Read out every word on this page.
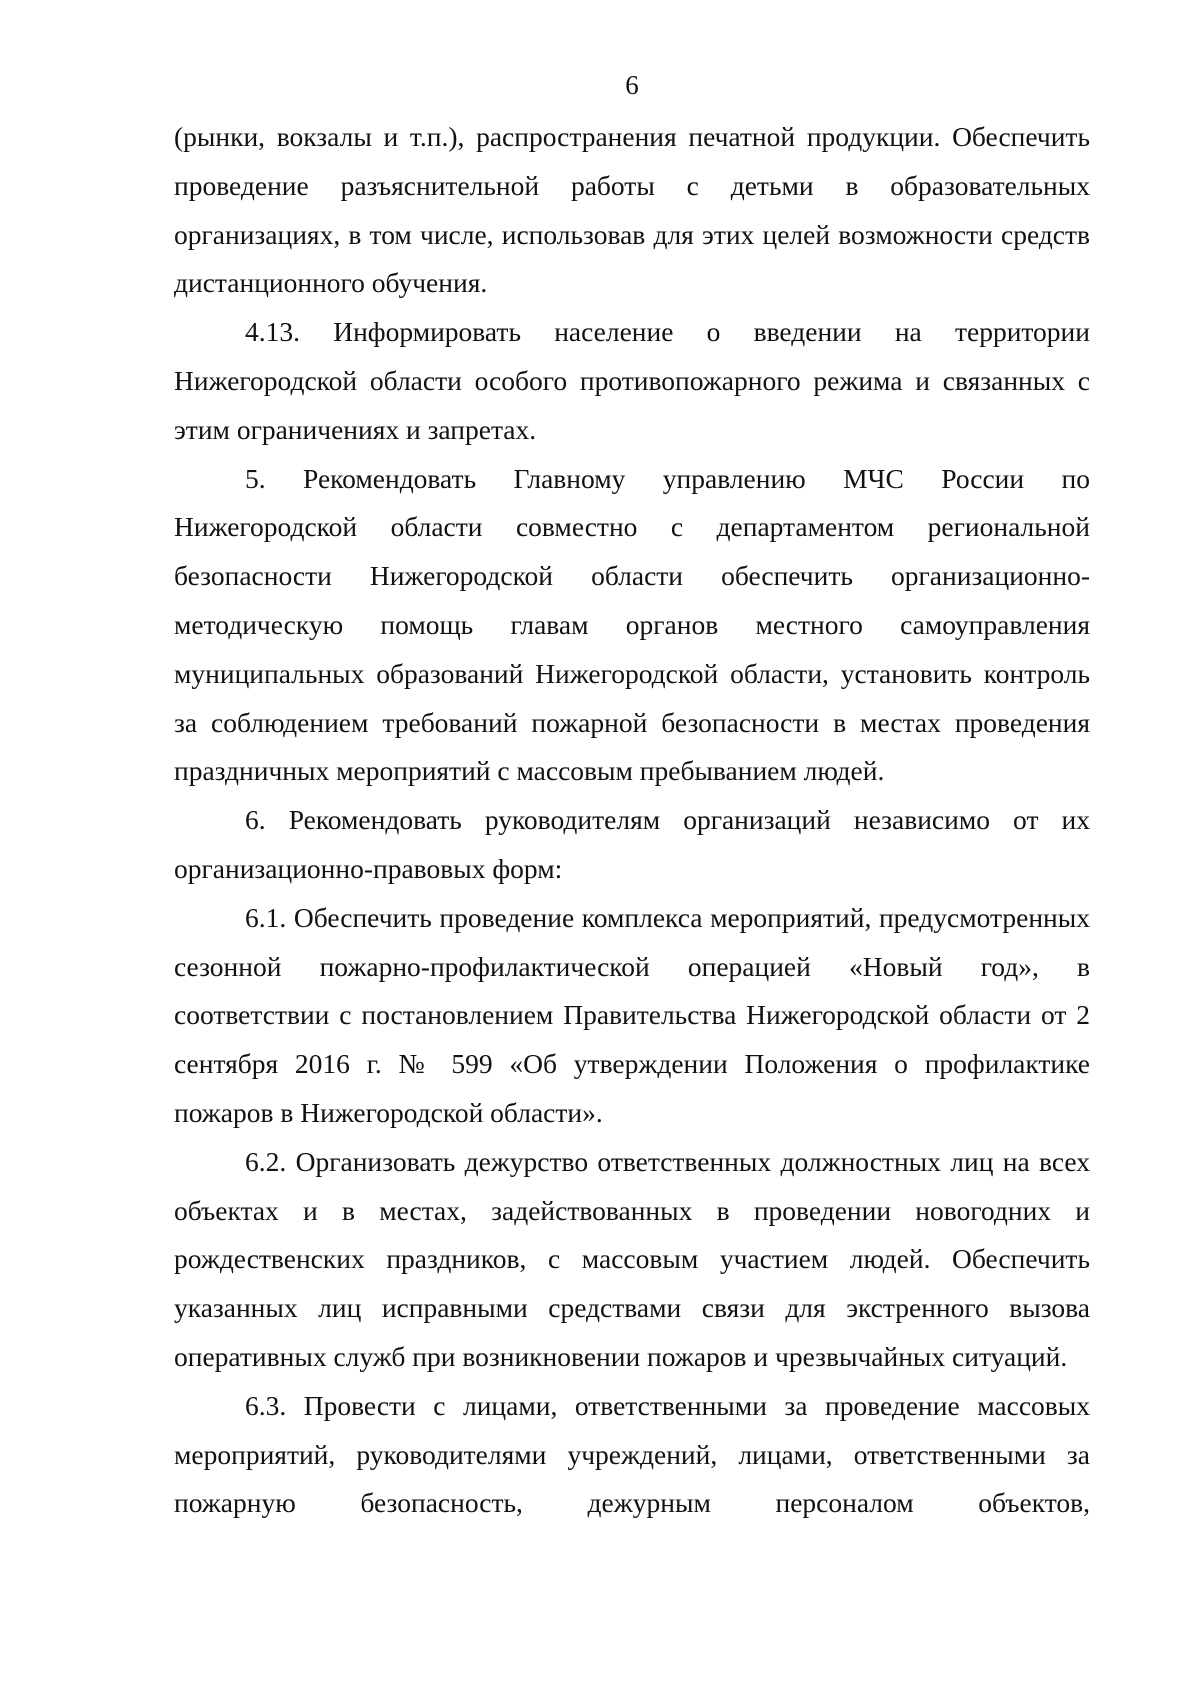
6

(рынки, вокзалы и т.п.), распространения печатной продукции. Обеспечить проведение разъяснительной работы с детьми в образовательных организациях, в том числе, использовав для этих целей возможности средств дистанционного обучения.

4.13. Информировать население о введении на территории Нижегородской области особого противопожарного режима и связанных с этим ограничениях и запретах.

5. Рекомендовать Главному управлению МЧС России по Нижегородской области совместно с департаментом региональной безопасности Нижегородской области обеспечить организационно-методическую помощь главам органов местного самоуправления муниципальных образований Нижегородской области, установить контроль за соблюдением требований пожарной безопасности в местах проведения праздничных мероприятий с массовым пребыванием людей.

6. Рекомендовать руководителям организаций независимо от их организационно-правовых форм:

6.1. Обеспечить проведение комплекса мероприятий, предусмотренных сезонной пожарно-профилактической операцией «Новый год», в соответствии с постановлением Правительства Нижегородской области от 2 сентября 2016 г. № 599 «Об утверждении Положения о профилактике пожаров в Нижегородской области».

6.2. Организовать дежурство ответственных должностных лиц на всех объектах и в местах, задействованных в проведении новогодних и рождественских праздников, с массовым участием людей. Обеспечить указанных лиц исправными средствами связи для экстренного вызова оперативных служб при возникновении пожаров и чрезвычайных ситуаций.

6.3. Провести с лицами, ответственными за проведение массовых мероприятий, руководителями учреждений, лицами, ответственными за пожарную безопасность, дежурным персоналом объектов,
